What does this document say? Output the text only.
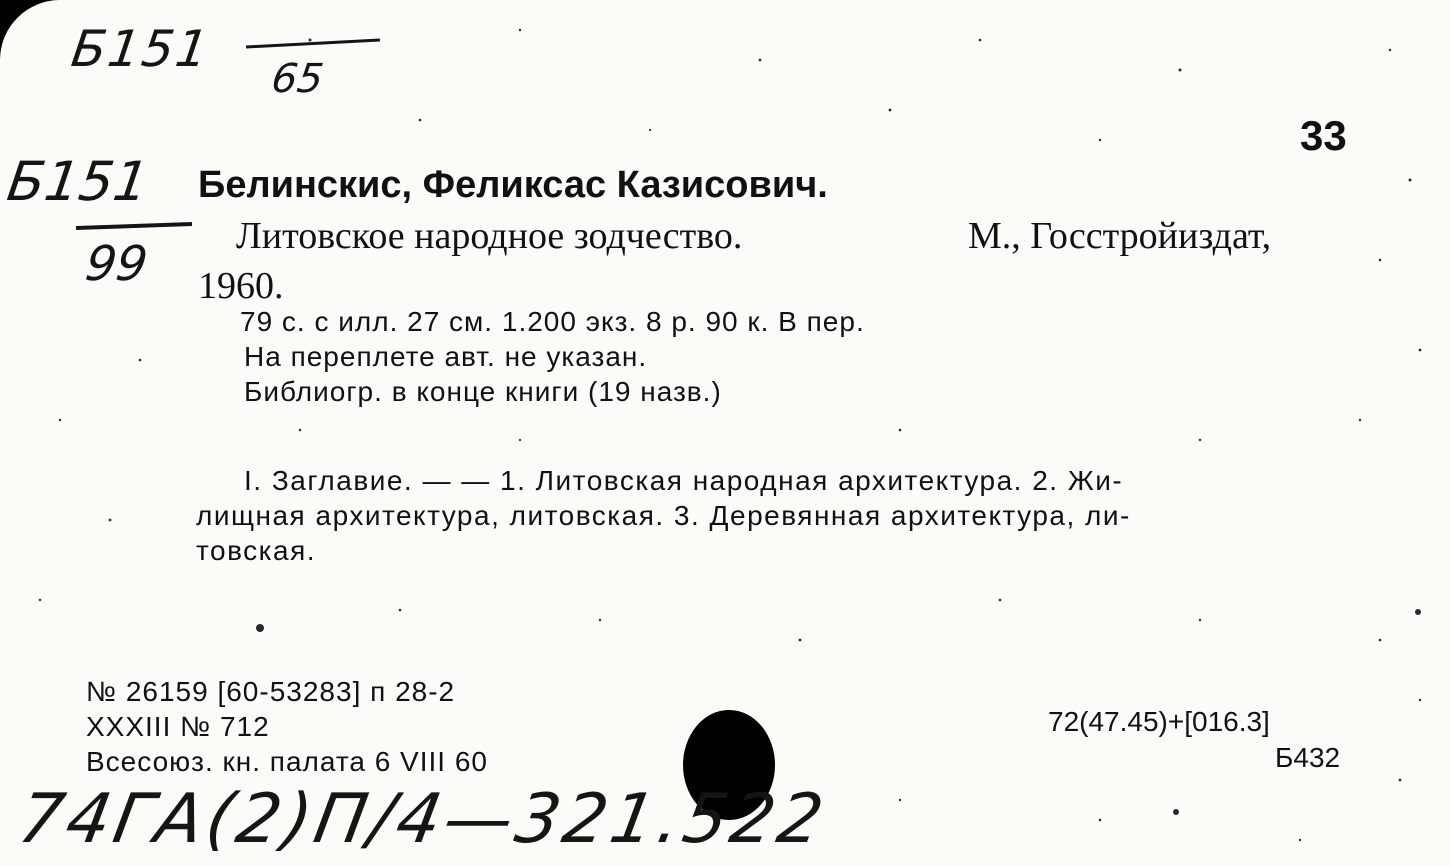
Б151
65
Б151
99
33
Белинскис, Феликсас Казисович.
Литовское народное зодчество.	М., Госстройиздат,
1960.
79 с. с илл. 27 см. 1.200 экз. 8 р. 90 к. В пер.
На переплете авт. не указан.
Библиогр. в конце книги (19 назв.)
I. Заглавие. — — 1. Литовская народная архитектура. 2. Жи-
лищная архитектура, литовская. 3. Деревянная архитектура, ли-
товская.
№ 26159 [60-53283] п 28-2
XXXIII № 712
Всесоюз. кн. палата 6 VIII 60
72(47.45)+[016.3]
Б432
74ГА(2)П/4—321.522
